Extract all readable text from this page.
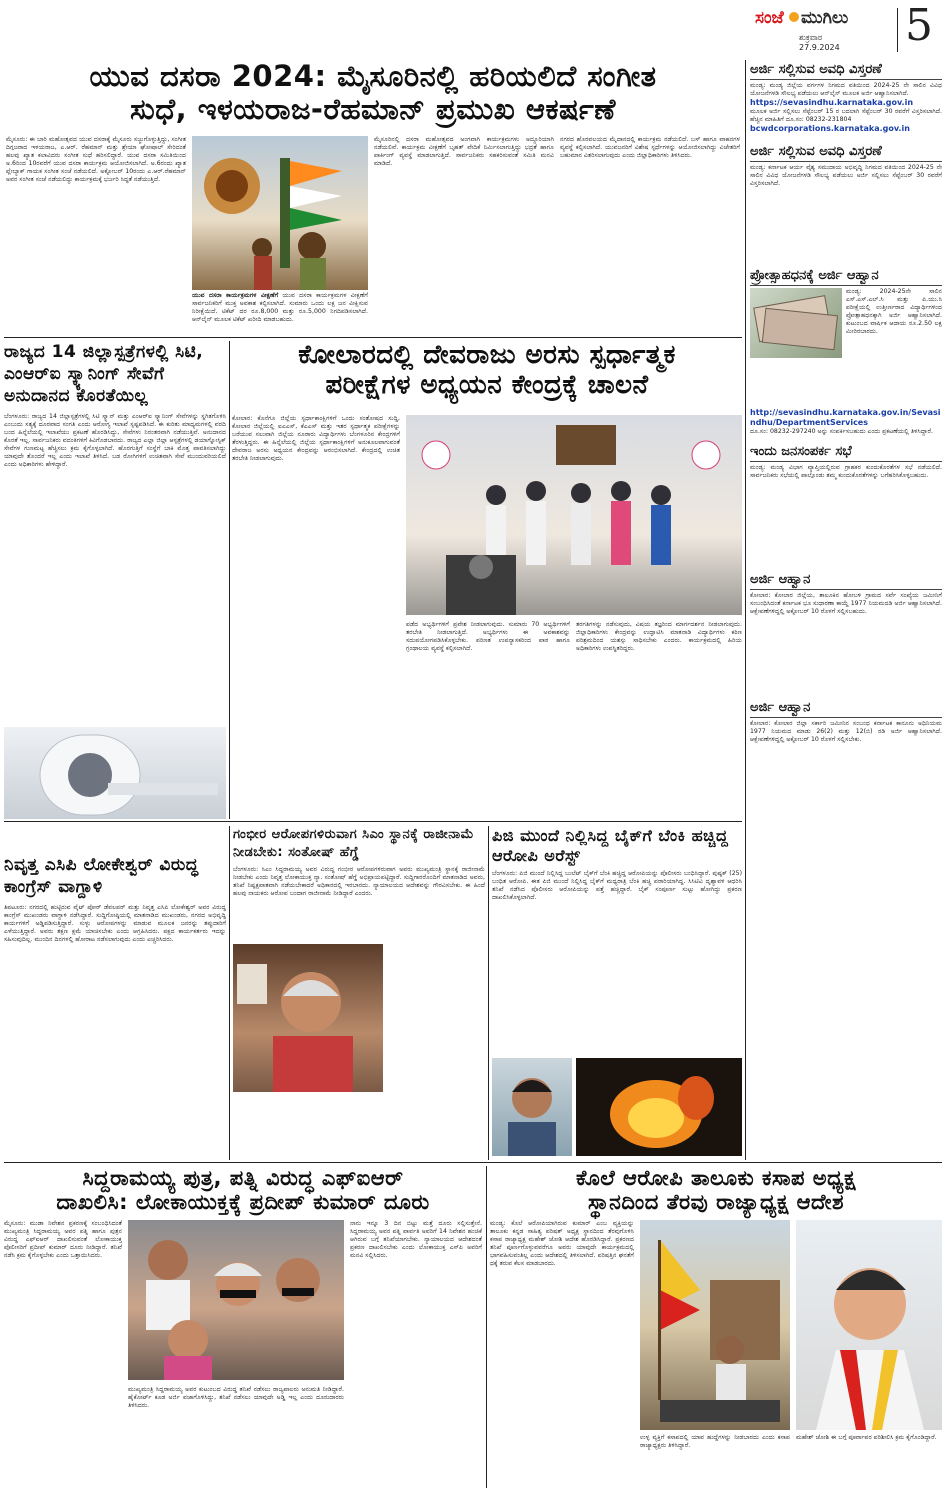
ಸಂಜೆ ಮುಗಿಲು
ಶುಕ್ರವಾರ
27.9.2024 5
ಯುವ ದಸರಾ 2024: ಮೈಸೂರಿನಲ್ಲಿ ಹರಿಯಲಿದೆ ಸಂಗೀತ
ಸುಧೆ, ಇಳಯರಾಜ-ರೆಹಮಾನ್ ಪ್ರಮುಖ ಆಕರ್ಷಣೆ
ಮೈಸೂರು: ಈ ಬಾರಿ ಮಹೋತ್ಸವದ ಯುವ ದಸರಾಕ್ಕೆ ಮೈಸೂರು ಸಜ್ಜುಗೊಳ್ಳುತ್ತಿದ್ದು, ಸಂಗೀತ ದಿಗ್ಗಜರಾದ ಇಳಯರಾಜ, ಎ.ಆರ್. ರೆಹಮಾನ್ ಮತ್ತು ಶ್ರೇಯಾ ಘೋಷಾಲ್ ಸೇರಿದಂತೆ ಹಲವು ಖ್ಯಾತ ಕಲಾವಿದರು ಸಂಗೀತ ಸುಧೆ ಹರಿಸಲಿದ್ದಾರೆ. ಯುವ ದಸರಾ ಸಮಿತಿಯಿಂದ ಅ.6ರಿಂದ 10ರವರೆಗೆ ಯುವ ದಸರಾ ಕಾರ್ಯಕ್ರಮ ಆಯೋಜಿಸಲಾಗಿದೆ. ಅ.6ರಂದು ಖ್ಯಾತ ಪ್ಲೇಬ್ಯಾಕ್ ಗಾಯಕ ಸಂಗೀತ ಸಂಜೆ ನಡೆಯಲಿದೆ. ಅಕ್ಟೋಬರ್ 10ರಂದು ಎ.ಆರ್.ರೆಹಮಾನ್ ಅವರ ಸಂಗೀತ ಸಂಜೆ ನಡೆಯಲಿದ್ದು ಕಾರ್ಯಕ್ರಮಕ್ಕೆ ಭರ್ಜರಿ ಸಿದ್ಧತೆ ನಡೆಯುತ್ತಿದೆ.
ಯುವ ದಸರಾ ಕಾರ್ಯಕ್ರಮಗಳ ವೀಕ್ಷಣೆಗೆ ಯುವ ದಸರಾ ಕಾರ್ಯಕ್ರಮಗಳ ವೀಕ್ಷಣೆಗೆ ಸಾರ್ವಜನಿಕರಿಗೆ ಮುಕ್ತ ಅವಕಾಶ ಕಲ್ಪಿಸಲಾಗಿದೆ. ಸುಮಾರು ಒಂದು ಲಕ್ಷ ಜನ ವೀಕ್ಷಿಸುವ ನಿರೀಕ್ಷೆಯಿದೆ. ಟಿಕೆಟ್ ದರ ರೂ.8,000 ಮತ್ತು ರೂ.5,000 ನಿಗದಿಪಡಿಸಲಾಗಿದೆ. ಆನ್‌ಲೈನ್ ಮೂಲಕ ಟಿಕೆಟ್ ಖರೀದಿ ಮಾಡಬಹುದು.
ಮೈಸೂರಿನಲ್ಲಿ ದಸರಾ ಮಹೋತ್ಸವದ ಅಂಗವಾಗಿ ಕಾರ್ಯಕ್ರಮಗಳು ಅದ್ದೂರಿಯಾಗಿ ನಡೆಯಲಿವೆ. ಕಾರ್ಯಕ್ರಮ ವೀಕ್ಷಣೆಗೆ ಬೃಹತ್ ವೇದಿಕೆ ನಿರ್ಮಿಸಲಾಗುತ್ತಿದ್ದು ಭದ್ರತೆ ಹಾಗೂ ಪಾರ್ಕಿಂಗ್ ವ್ಯವಸ್ಥೆ ಮಾಡಲಾಗುತ್ತಿದೆ. ಸಾರ್ವಜನಿಕರು ಸಹಕರಿಸುವಂತೆ ಸಮಿತಿ ಮನವಿ ಮಾಡಿದೆ.
ನಗರದ ಹೊರವಲಯದ ಮೈದಾನದಲ್ಲಿ ಕಾರ್ಯಕ್ರಮ ನಡೆಯಲಿದೆ. ಬಸ್ ಹಾಗೂ ವಾಹನಗಳ ವ್ಯವಸ್ಥೆ ಕಲ್ಪಿಸಲಾಗಿದೆ. ಯುವಜನರಿಗೆ ವಿಶೇಷ ಸ್ಪರ್ಧೆಗಳನ್ನು ಆಯೋಜಿಸಲಾಗಿದ್ದು ವಿಜೇತರಿಗೆ ಬಹುಮಾನ ವಿತರಿಸಲಾಗುವುದು ಎಂದು ಜಿಲ್ಲಾಧಿಕಾರಿಗಳು ತಿಳಿಸಿದರು.
ರಾಜ್ಯದ 14 ಜಿಲ್ಲಾಸ್ಪತ್ರೆಗಳಲ್ಲಿ ಸಿಟಿ, ಎಂಆರ್‌ಐ ಸ್ಕ್ಯಾನಿಂಗ್ ಸೇವೆಗೆ ಅನುದಾನದ ಕೊರತೆಯಿಲ್ಲ
ಬೆಂಗಳೂರು: ರಾಜ್ಯದ 14 ಜಿಲ್ಲಾಸ್ಪತ್ರೆಗಳಲ್ಲಿ ಸಿಟಿ ಸ್ಕ್ಯಾನ್ ಮತ್ತು ಎಂಆರ್‌ಐ ಸ್ಕ್ಯಾನಿಂಗ್ ಸೇವೆಗಳನ್ನು ಸ್ಥಗಿತಗೊಳಿಸಿ ಎಂಬುದು ಸತ್ಯಕ್ಕೆ ದೂರವಾದ ಸಂಗತಿ ಎಂದು ಆರೋಗ್ಯ ಇಲಾಖೆ ಸ್ಪಷ್ಟಪಡಿಸಿದೆ. ಈ ಕುರಿತು ಮಾಧ್ಯಮಗಳಲ್ಲಿ ವರದಿ ಬಂದ ಹಿನ್ನೆಲೆಯಲ್ಲಿ ಇಲಾಖೆಯು ಪ್ರಕಟಣೆ ಹೊರಡಿಸಿದ್ದು, ಸೇವೆಗಳು ನಿರಂತರವಾಗಿ ನಡೆಯುತ್ತಿವೆ. ಅನುದಾನದ ಕೊರತೆ ಇಲ್ಲ. ಸಾರ್ವಜನಿಕರು ವದಂತಿಗಳಿಗೆ ಕಿವಿಗೊಡಬಾರದು. ರಾಜ್ಯದ ಎಲ್ಲಾ ಜಿಲ್ಲಾ ಆಸ್ಪತ್ರೆಗಳಲ್ಲಿ ಡಯಾಗ್ನೋಸ್ಟಿಕ್ ಸೇವೆಗಳ ಗುಣಮಟ್ಟ ಹೆಚ್ಚಿಸಲು ಕ್ರಮ ಕೈಗೊಳ್ಳಲಾಗಿದೆ. ಹೊರಗುತ್ತಿಗೆ ಸಂಸ್ಥೆಗೆ ಬಾಕಿ ಮೊತ್ತ ಪಾವತಿಸಲಾಗಿದ್ದು ಯಾವುದೇ ತೊಂದರೆ ಇಲ್ಲ ಎಂದು ಇಲಾಖೆ ತಿಳಿಸಿದೆ. ಬಡ ರೋಗಿಗಳಿಗೆ ಉಚಿತವಾಗಿ ಸೇವೆ ಮುಂದುವರಿಯಲಿದೆ ಎಂದು ಅಧಿಕಾರಿಗಳು ಹೇಳಿದ್ದಾರೆ.
ಕೋಲಾರದಲ್ಲಿ ದೇವರಾಜು ಅರಸು ಸ್ಪರ್ಧಾತ್ಮಕ
ಪರೀಕ್ಷೆಗಳ ಅಧ್ಯಯನ ಕೇಂದ್ರಕ್ಕೆ ಚಾಲನೆ
ಕೋಲಾರ: ಕೊನೆಗೂ ಜಿಲ್ಲೆಯ ಸ್ಪರ್ಧಾಕಾಂಕ್ಷಿಗಳಿಗೆ ಒಂದು ಸಂತೋಷದ ಸುದ್ದಿ, ಕೋಲಾರ ಜಿಲ್ಲೆಯಲ್ಲಿ ಐಎಎಸ್, ಕೆಎಎಸ್ ಮತ್ತು ಇತರ ಸ್ಪರ್ಧಾತ್ಮಕ ಪರೀಕ್ಷೆಗಳನ್ನು ಬರೆಯುವ ಸಲುವಾಗಿ ಜಿಲ್ಲೆಯ ನೂರಾರು ವಿದ್ಯಾರ್ಥಿಗಳು ಬೆಂಗಳೂರಿನ ಕೇಂದ್ರಗಳಿಗೆ ತೆರಳುತ್ತಿದ್ದರು. ಈ ಹಿನ್ನೆಲೆಯಲ್ಲಿ ಜಿಲ್ಲೆಯ ಸ್ಪರ್ಧಾಕಾಂಕ್ಷಿಗಳಿಗೆ ಅನುಕೂಲವಾಗುವಂತೆ ದೇವರಾಜ ಅರಸು ಅಧ್ಯಯನ ಕೇಂದ್ರವನ್ನು ಆರಂಭಿಸಲಾಗಿದೆ. ಕೇಂದ್ರದಲ್ಲಿ ಉಚಿತ ತರಬೇತಿ ನೀಡಲಾಗುವುದು.
ಪಡೆದ ಅಭ್ಯರ್ಥಿಗಳಿಗೆ ಪ್ರವೇಶ ನೀಡಲಾಗುವುದು. ಸುಮಾರು 70 ಅಭ್ಯರ್ಥಿಗಳಿಗೆ ತರಬೇತಿ ನೀಡಲಾಗುತ್ತಿದೆ. ಅಭ್ಯರ್ಥಿಗಳು ಈ ಅವಕಾಶವನ್ನು ಸದುಪಯೋಗಪಡಿಸಿಕೊಳ್ಳಬೇಕು. ಪರಿಣತ ಉಪನ್ಯಾಸಕರಿಂದ ಪಾಠ ಹಾಗೂ ಗ್ರಂಥಾಲಯ ವ್ಯವಸ್ಥೆ ಕಲ್ಪಿಸಲಾಗಿದೆ.
ತರಗತಿಗಳನ್ನು ನಡೆಸುವುದು, ವಿಷಯ ತಜ್ಞರಿಂದ ಮಾರ್ಗದರ್ಶನ ನೀಡಲಾಗುವುದು. ಜಿಲ್ಲಾಧಿಕಾರಿಗಳು ಕೇಂದ್ರವನ್ನು ಉದ್ಘಾಟಿಸಿ ಮಾತನಾಡಿ ವಿದ್ಯಾರ್ಥಿಗಳು ಕಠಿಣ ಪರಿಶ್ರಮದಿಂದ ಯಶಸ್ಸು ಸಾಧಿಸಬೇಕು ಎಂದರು. ಕಾರ್ಯಕ್ರಮದಲ್ಲಿ ಹಿರಿಯ ಅಧಿಕಾರಿಗಳು ಉಪಸ್ಥಿತರಿದ್ದರು.
ಅರ್ಜಿ ಸಲ್ಲಿಸುವ ಅವಧಿ ವಿಸ್ತರಣೆ
ಮಂಡ್ಯ: ಮಂಡ್ಯ ಜಿಲ್ಲೆಯ ವರ್ಗಗಳ ನಿಗಮದ ವತಿಯಿಂದ 2024-25 ನೇ ಸಾಲಿನ ವಿವಿಧ ಯೋಜನೆಗಳಡಿ ಸೌಲಭ್ಯ ಪಡೆಯಲು ಆನ್‌ಲೈನ್ ಮೂಲಕ ಅರ್ಜಿ ಆಹ್ವಾನಿಸಲಾಗಿದೆ.
https://sevasindhu.karnataka.gov.in
ಮೂಲಕ ಅರ್ಜಿ ಸಲ್ಲಿಸಲು ಸೆಪ್ಟೆಂಬರ್ 15 ರ ಬದಲಾಗಿ ಸೆಪ್ಟೆಂಬರ್ 30 ರವರೆಗೆ ವಿಸ್ತರಿಸಲಾಗಿದೆ. ಹೆಚ್ಚಿನ ಮಾಹಿತಿಗೆ ದೂ.ಸಂ: 08232-231804
bcwdcorporations.karnataka.gov.in
ಅರ್ಜಿ ಸಲ್ಲಿಸುವ ಅವಧಿ ವಿಸ್ತರಣೆ
ಮಂಡ್ಯ: ಕರ್ನಾಟಕ ಆರ್ಯ ವೈಶ್ಯ ಸಮುದಾಯ ಅಭಿವೃದ್ಧಿ ನಿಗಮದ ವತಿಯಿಂದ 2024-25 ನೇ ಸಾಲಿನ ವಿವಿಧ ಯೋಜನೆಗಳಡಿ ಸೌಲಭ್ಯ ಪಡೆಯಲು ಅರ್ಜಿ ಸಲ್ಲಿಸಲು ಸೆಪ್ಟೆಂಬರ್ 30 ರವರೆಗೆ ವಿಸ್ತರಿಸಲಾಗಿದೆ.
ಪ್ರೋತ್ಸಾಹಧನಕ್ಕೆ ಅರ್ಜಿ ಆಹ್ವಾನ
ಮಂಡ್ಯ: 2024-25ನೇ ಸಾಲಿನ ಎಸ್.ಎಸ್.ಎಲ್.ಸಿ ಮತ್ತು ಪಿ.ಯು.ಸಿ ಪರೀಕ್ಷೆಯಲ್ಲಿ ಉತ್ತೀರ್ಣರಾದ ವಿದ್ಯಾರ್ಥಿಗಳಿಂದ ಪ್ರೋತ್ಸಾಹಧನಕ್ಕಾಗಿ ಅರ್ಜಿ ಆಹ್ವಾನಿಸಲಾಗಿದೆ. ಕುಟುಂಬದ ವಾರ್ಷಿಕ ಆದಾಯ ರೂ.2.50 ಲಕ್ಷ ಮೀರಿರಬಾರದು.
http://sevasindhu.karnataka.gov.in/Sevasindhu/DepartmentServices
ದೂ.ಸಂ: 08232-297240 ಅನ್ನು ಸಂಪರ್ಕಿಸಬಹುದು ಎಂದು ಪ್ರಕಟಣೆಯಲ್ಲಿ ತಿಳಿಸಿದ್ದಾರೆ.
ಇಂದು ಜನಸಂಪರ್ಕ ಸಭೆ
ಮಂಡ್ಯ: ಮಂಡ್ಯ ವಿಭಾಗ ವ್ಯಾಪ್ತಿಯಲ್ಲಿರುವ ಗ್ರಾಹಕರ ಕುಂದುಕೊರತೆಗಳ ಸಭೆ ನಡೆಯಲಿದೆ. ಸಾರ್ವಜನಿಕರು ಸಭೆಯಲ್ಲಿ ಪಾಲ್ಗೊಂಡು ತಮ್ಮ ಕುಂದುಕೊರತೆಗಳನ್ನು ಬಗೆಹರಿಸಿಕೊಳ್ಳಬಹುದು.
ಅರ್ಜಿ ಆಹ್ವಾನ
ಕೋಲಾರ: ಕೋಲಾರ ಜಿಲ್ಲೆಯ, ತಾಲೂಕಿನ ಹೋಬಳಿ ಗ್ರಾಮದ ಸರ್ವೆ ಸಂಖ್ಯೆಯ ಜಮೀನಿಗೆ ಸಂಬಂಧಿಸಿದಂತೆ ಕರ್ನಾಟಕ ಭೂ ಸುಧಾರಣಾ ಕಾಯ್ದೆ 1977 ನಿಯಮದಡಿ ಅರ್ಜಿ ಆಹ್ವಾನಿಸಲಾಗಿದೆ. ಆಕ್ಷೇಪಣೆಗಳಿದ್ದಲ್ಲಿ ಅಕ್ಟೋಬರ್ 10 ರೊಳಗೆ ಸಲ್ಲಿಸಬಹುದು.
ಅರ್ಜಿ ಆಹ್ವಾನ
ಕೋಲಾರ: ಕೋಲಾರ ಜಿಲ್ಲಾ ಸರ್ಕಾರಿ ಜಮೀನಿನ ಸಂಬಂಧ ಕರ್ನಾಟಕ ಕಾನೂನು ಅಧಿನಿಯಮ 1977 ನಿಯಮದ ಮಾಡು 26(2) ಮತ್ತು 12(ಬಿ) ರಡಿ ಅರ್ಜಿ ಆಹ್ವಾನಿಸಲಾಗಿದೆ. ಆಕ್ಷೇಪಣೆಗಳಿದ್ದಲ್ಲಿ ಅಕ್ಟೋಬರ್ 10 ರೊಳಗೆ ಸಲ್ಲಿಸಬೇಕು.
ನಿವೃತ್ತ ಎಸಿಪಿ ಲೋಕೇಶ್ವರ್ ವಿರುದ್ಧ ಕಾಂಗ್ರೆಸ್ ವಾಗ್ದಾಳಿ
ತಿಪಟೂರು: ನಗರದಲ್ಲಿ ಹುಟ್ಟಿರುವ ವೈಟ್ ಪೋರ್ ಡೆವಲಪರ್ ಮತ್ತು ನಿವೃತ್ತ ಎಸಿಪಿ ಲೋಕೇಶ್ವರ್ ಅವರ ವಿರುದ್ಧ ಕಾಂಗ್ರೆಸ್ ಮುಖಂಡರು ವಾಗ್ದಾಳಿ ನಡೆಸಿದ್ದಾರೆ. ಸುದ್ದಿಗೋಷ್ಠಿಯಲ್ಲಿ ಮಾತನಾಡಿದ ಮುಖಂಡರು, ನಗರದ ಅಭಿವೃದ್ಧಿ ಕಾರ್ಯಗಳಿಗೆ ಅಡ್ಡಿಪಡಿಸುತ್ತಿದ್ದಾರೆ. ಸುಳ್ಳು ಆರೋಪಗಳನ್ನು ಮಾಡುವ ಮೂಲಕ ಜನರನ್ನು ತಪ್ಪುದಾರಿಗೆ ಎಳೆಯುತ್ತಿದ್ದಾರೆ. ಅವರು ತಕ್ಷಣ ಕ್ಷಮೆ ಯಾಚಿಸಬೇಕು ಎಂದು ಆಗ್ರಹಿಸಿದರು. ಪಕ್ಷದ ಕಾರ್ಯಕರ್ತರು ಇದನ್ನು ಸಹಿಸುವುದಿಲ್ಲ. ಮುಂದಿನ ದಿನಗಳಲ್ಲಿ ಹೋರಾಟ ನಡೆಸಲಾಗುವುದು ಎಂದು ಎಚ್ಚರಿಸಿದರು.
ಗಂಭೀರ ಆರೋಪಗಳಿರುವಾಗ ಸಿಎಂ ಸ್ಥಾನಕ್ಕೆ ರಾಜೀನಾಮೆ ನೀಡಬೇಕು: ಸಂತೋಷ್ ಹೆಗ್ಡೆ
ಬೆಂಗಳೂರು: ಸಿಎಂ ಸಿದ್ದರಾಮಯ್ಯ ಅವರ ವಿರುದ್ಧ ಗಂಭೀರ ಆರೋಪಗಳಿರುವಾಗ ಅವರು ಮುಖ್ಯಮಂತ್ರಿ ಸ್ಥಾನಕ್ಕೆ ರಾಜೀನಾಮೆ ನೀಡಬೇಕು ಎಂದು ನಿವೃತ್ತ ಲೋಕಾಯುಕ್ತ ನ್ಯಾ. ಸಂತೋಷ್ ಹೆಗ್ಡೆ ಅಭಿಪ್ರಾಯಪಟ್ಟಿದ್ದಾರೆ. ಸುದ್ದಿಗಾರರೊಂದಿಗೆ ಮಾತನಾಡಿದ ಅವರು, ತನಿಖೆ ನಿಷ್ಪಕ್ಷಪಾತವಾಗಿ ನಡೆಯಬೇಕಾದರೆ ಅಧಿಕಾರದಲ್ಲಿ ಇರಬಾರದು. ನ್ಯಾಯಾಲಯದ ಆದೇಶವನ್ನು ಗೌರವಿಸಬೇಕು. ಈ ಹಿಂದೆ ಹಲವು ನಾಯಕರು ಆರೋಪ ಬಂದಾಗ ರಾಜೀನಾಮೆ ನೀಡಿದ್ದಾರೆ ಎಂದರು.
ಪಿಜಿ ಮುಂದೆ ನಿಲ್ಲಿಸಿದ್ದ ಬೈಕ್‌ಗೆ ಬೆಂಕಿ ಹಚ್ಚಿದ್ದ ಆರೋಪಿ ಅರೆಸ್ಟ್
ಬೆಂಗಳೂರು: ಪಿಜಿ ಮುಂದೆ ನಿಲ್ಲಿಸಿದ್ದ ಬುಲೆಟ್ ಬೈಕ್‌ಗೆ ಬೆಂಕಿ ಹಚ್ಚಿದ್ದ ಆರೋಪಿಯನ್ನು ಪೊಲೀಸರು ಬಂಧಿಸಿದ್ದಾರೆ. ಪುಷ್ಪಕ್ (25) ಬಂಧಿತ ಆರೋಪಿ. ಈತ ಪಿಜಿ ಮುಂದೆ ನಿಲ್ಲಿಸಿದ್ದ ಬೈಕ್‌ಗೆ ಮಧ್ಯರಾತ್ರಿ ಬೆಂಕಿ ಹಚ್ಚಿ ಪರಾರಿಯಾಗಿದ್ದ. ಸಿಸಿಟಿವಿ ದೃಶ್ಯಾವಳಿ ಆಧರಿಸಿ ತನಿಖೆ ನಡೆಸಿದ ಪೊಲೀಸರು ಆರೋಪಿಯನ್ನು ಪತ್ತೆ ಹಚ್ಚಿದ್ದಾರೆ. ಬೈಕ್ ಸಂಪೂರ್ಣ ಸುಟ್ಟು ಹೋಗಿದ್ದು ಪ್ರಕರಣ ದಾಖಲಿಸಿಕೊಳ್ಳಲಾಗಿದೆ.
ಸಿದ್ದರಾಮಯ್ಯ ಪುತ್ರ, ಪತ್ನಿ ವಿರುದ್ಧ ಎಫ್‌ಐಆರ್
ದಾಖಲಿಸಿ: ಲೋಕಾಯುಕ್ತಕ್ಕೆ ಪ್ರದೀಪ್ ಕುಮಾರ್ ದೂರು
ಮೈಸೂರು: ಮುಡಾ ನಿವೇಶನ ಪ್ರಕರಣಕ್ಕೆ ಸಂಬಂಧಿಸಿದಂತೆ ಮುಖ್ಯಮಂತ್ರಿ ಸಿದ್ದರಾಮಯ್ಯ ಅವರ ಪತ್ನಿ ಹಾಗೂ ಪುತ್ರನ ವಿರುದ್ಧ ಎಫ್‌ಐಆರ್ ದಾಖಲಿಸುವಂತೆ ಲೋಕಾಯುಕ್ತ ಪೊಲೀಸರಿಗೆ ಪ್ರದೀಪ್ ಕುಮಾರ್ ದೂರು ನೀಡಿದ್ದಾರೆ. ತನಿಖೆ ನಡೆಸಿ ಕ್ರಮ ಕೈಗೊಳ್ಳಬೇಕು ಎಂದು ಒತ್ತಾಯಿಸಿದರು.
ನಾನು ಇನ್ನೂ 3 ದಿನ ಬಿಟ್ಟು ಮತ್ತೆ ದೂರು ಸಲ್ಲಿಸುತ್ತೇನೆ. ಸಿದ್ದರಾಮಯ್ಯ ಅವರ ಪತ್ನಿ ಪಾರ್ವತಿ ಅವರಿಗೆ 14 ನಿವೇಶನ ಹಂಚಿಕೆ ಆಗಿರುವ ಬಗ್ಗೆ ತನಿಖೆಯಾಗಬೇಕು. ನ್ಯಾಯಾಲಯದ ಆದೇಶದಂತೆ ಪ್ರಕರಣ ದಾಖಲಿಸಬೇಕು ಎಂದು ಲೋಕಾಯುಕ್ತ ಎಸ್‌ಪಿ ಅವರಿಗೆ ಮನವಿ ಸಲ್ಲಿಸಿದರು.
ಮುಖ್ಯಮಂತ್ರಿ ಸಿದ್ದರಾಮಯ್ಯ ಅವರ ಕುಟುಂಬದ ವಿರುದ್ಧ ತನಿಖೆ ನಡೆಸಲು ರಾಜ್ಯಪಾಲರು ಅನುಮತಿ ನೀಡಿದ್ದಾರೆ. ಹೈಕೋರ್ಟ್ ಕೂಡ ಅರ್ಜಿ ವಜಾಗೊಳಿಸಿದ್ದು, ತನಿಖೆ ನಡೆಸಲು ಯಾವುದೇ ಅಡ್ಡಿ ಇಲ್ಲ ಎಂದು ದೂರುದಾರರು ತಿಳಿಸಿದರು.
ಕೊಲೆ ಆರೋಪಿ ತಾಲೂಕು ಕಸಾಪ ಅಧ್ಯಕ್ಷ
ಸ್ಥಾನದಿಂದ ತೆರವು ರಾಜ್ಯಾಧ್ಯಕ್ಷ ಆದೇಶ
ಮಂಡ್ಯ: ಕೊಲೆ ಆರೋಪಿಯಾಗಿರುವ ಕುಮಾರ್ ಎಂಬ ವ್ಯಕ್ತಿಯನ್ನು ತಾಲೂಕು ಕನ್ನಡ ಸಾಹಿತ್ಯ ಪರಿಷತ್ ಅಧ್ಯಕ್ಷ ಸ್ಥಾನದಿಂದ ತೆರವುಗೊಳಿಸಿ ಕಸಾಪ ರಾಜ್ಯಾಧ್ಯಕ್ಷ ಮಹೇಶ್ ಜೋಶಿ ಆದೇಶ ಹೊರಡಿಸಿದ್ದಾರೆ. ಪ್ರಕರಣದ ತನಿಖೆ ಪೂರ್ಣಗೊಳ್ಳುವವರೆಗೂ ಅವರು ಯಾವುದೇ ಕಾರ್ಯಕ್ರಮದಲ್ಲಿ ಭಾಗವಹಿಸುವಂತಿಲ್ಲ ಎಂದು ಆದೇಶದಲ್ಲಿ ತಿಳಿಸಲಾಗಿದೆ. ಪರಿಷತ್ತಿನ ಘನತೆಗೆ ಧಕ್ಕೆ ತರುವ ಕೆಲಸ ಮಾಡಬಾರದು.
ಉಳ್ಳ ವ್ಯಕ್ತಿಗೆ ಕಸಾಪದಲ್ಲಿ ಯಾವ ಹುದ್ದೆಗಳನ್ನು ನೀಡಬಾರದು ಎಂದು ಕಸಾಪ ರಾಜ್ಯಾಧ್ಯಕ್ಷರು ತಿಳಿಸಿದ್ದಾರೆ.
ಮಹೇಶ್ ಜೋಶಿ ಈ ಬಗ್ಗೆ ಪೂರ್ವಾಪರ ಪರಿಶೀಲಿಸಿ ಕ್ರಮ ಕೈಗೊಂಡಿದ್ದಾರೆ.
